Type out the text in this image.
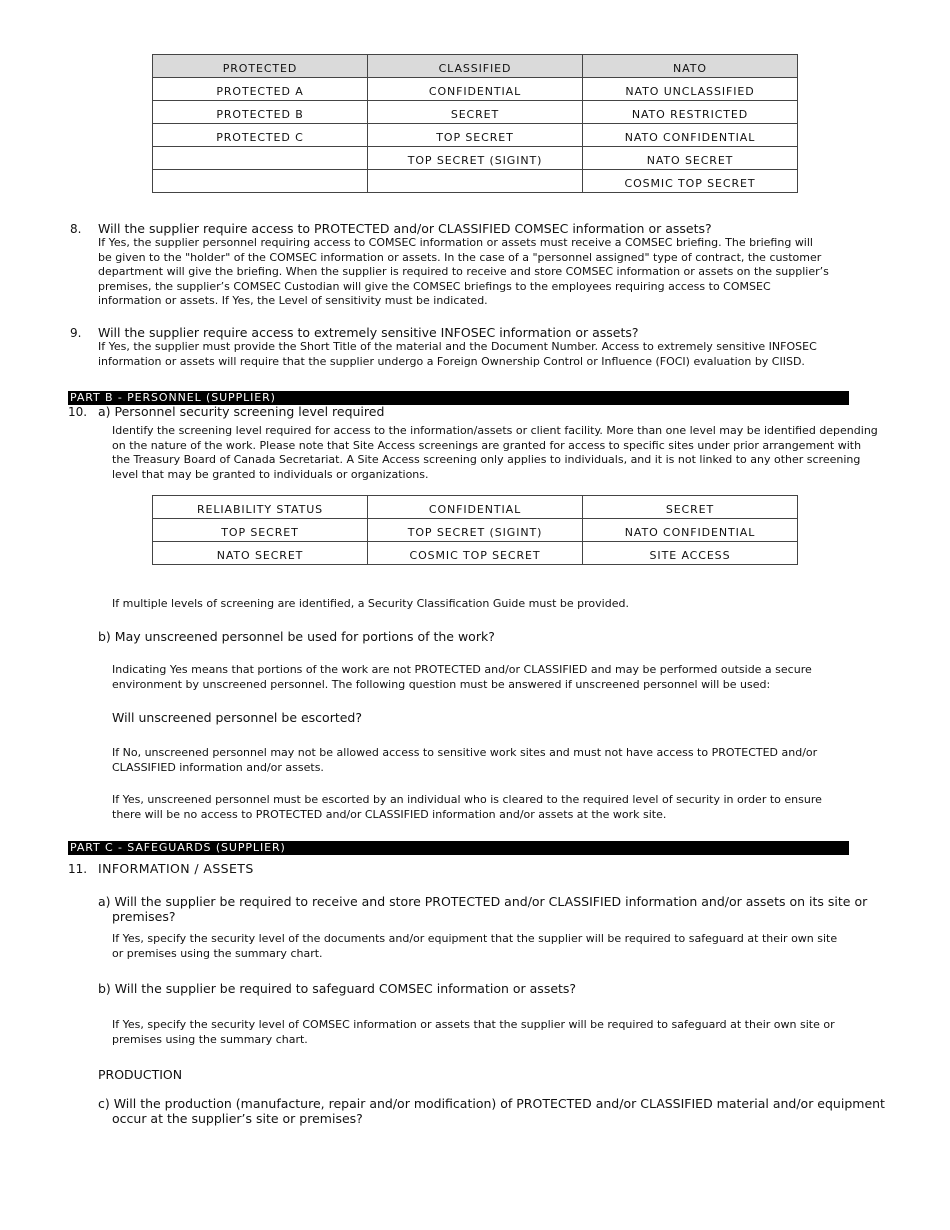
PROTECTED	CLASSIFIED	NATO
PROTECTED A	CONFIDENTIAL	NATO UNCLASSIFIED
PROTECTED B	SECRET	NATO RESTRICTED
PROTECTED C	TOP SECRET	NATO CONFIDENTIAL
	TOP SECRET (SIGINT)	NATO SECRET
		COSMIC TOP SECRET
8. Will the supplier require access to PROTECTED and/or CLASSIFIED COMSEC information or assets?
If Yes, the supplier personnel requiring access to COMSEC information or assets must receive a COMSEC briefing. The briefing will
be given to the "holder" of the COMSEC information or assets. In the case of a "personnel assigned" type of contract, the customer
department will give the briefing. When the supplier is required to receive and store COMSEC information or assets on the supplier’s
premises, the supplier’s COMSEC Custodian will give the COMSEC briefings to the employees requiring access to COMSEC
information or assets. If Yes, the Level of sensitivity must be indicated.
9. Will the supplier require access to extremely sensitive INFOSEC information or assets?
If Yes, the supplier must provide the Short Title of the material and the Document Number. Access to extremely sensitive INFOSEC
information or assets will require that the supplier undergo a Foreign Ownership Control or Influence (FOCI) evaluation by CIISD.
PART B - PERSONNEL (SUPPLIER)
10. a) Personnel security screening level required
Identify the screening level required for access to the information/assets or client facility. More than one level may be identified depending
on the nature of the work. Please note that Site Access screenings are granted for access to specific sites under prior arrangement with
the Treasury Board of Canada Secretariat. A Site Access screening only applies to individuals, and it is not linked to any other screening
level that may be granted to individuals or organizations.
RELIABILITY STATUS	CONFIDENTIAL	SECRET
TOP SECRET	TOP SECRET (SIGINT)	NATO CONFIDENTIAL
NATO SECRET	COSMIC TOP SECRET	SITE ACCESS
If multiple levels of screening are identified, a Security Classification Guide must be provided.
b) May unscreened personnel be used for portions of the work?
Indicating Yes means that portions of the work are not PROTECTED and/or CLASSIFIED and may be performed outside a secure
environment by unscreened personnel. The following question must be answered if unscreened personnel will be used:
Will unscreened personnel be escorted?
If No, unscreened personnel may not be allowed access to sensitive work sites and must not have access to PROTECTED and/or
CLASSIFIED information and/or assets.
If Yes, unscreened personnel must be escorted by an individual who is cleared to the required level of security in order to ensure
there will be no access to PROTECTED and/or CLASSIFIED information and/or assets at the work site.
PART C - SAFEGUARDS (SUPPLIER)
11. INFORMATION / ASSETS
a) Will the supplier be required to receive and store PROTECTED and/or CLASSIFIED information and/or assets on its site or
premises?
If Yes, specify the security level of the documents and/or equipment that the supplier will be required to safeguard at their own site
or premises using the summary chart.
b) Will the supplier be required to safeguard COMSEC information or assets?
If Yes, specify the security level of COMSEC information or assets that the supplier will be required to safeguard at their own site or
premises using the summary chart.
PRODUCTION
c) Will the production (manufacture, repair and/or modification) of PROTECTED and/or CLASSIFIED material and/or equipment
occur at the supplier’s site or premises?
